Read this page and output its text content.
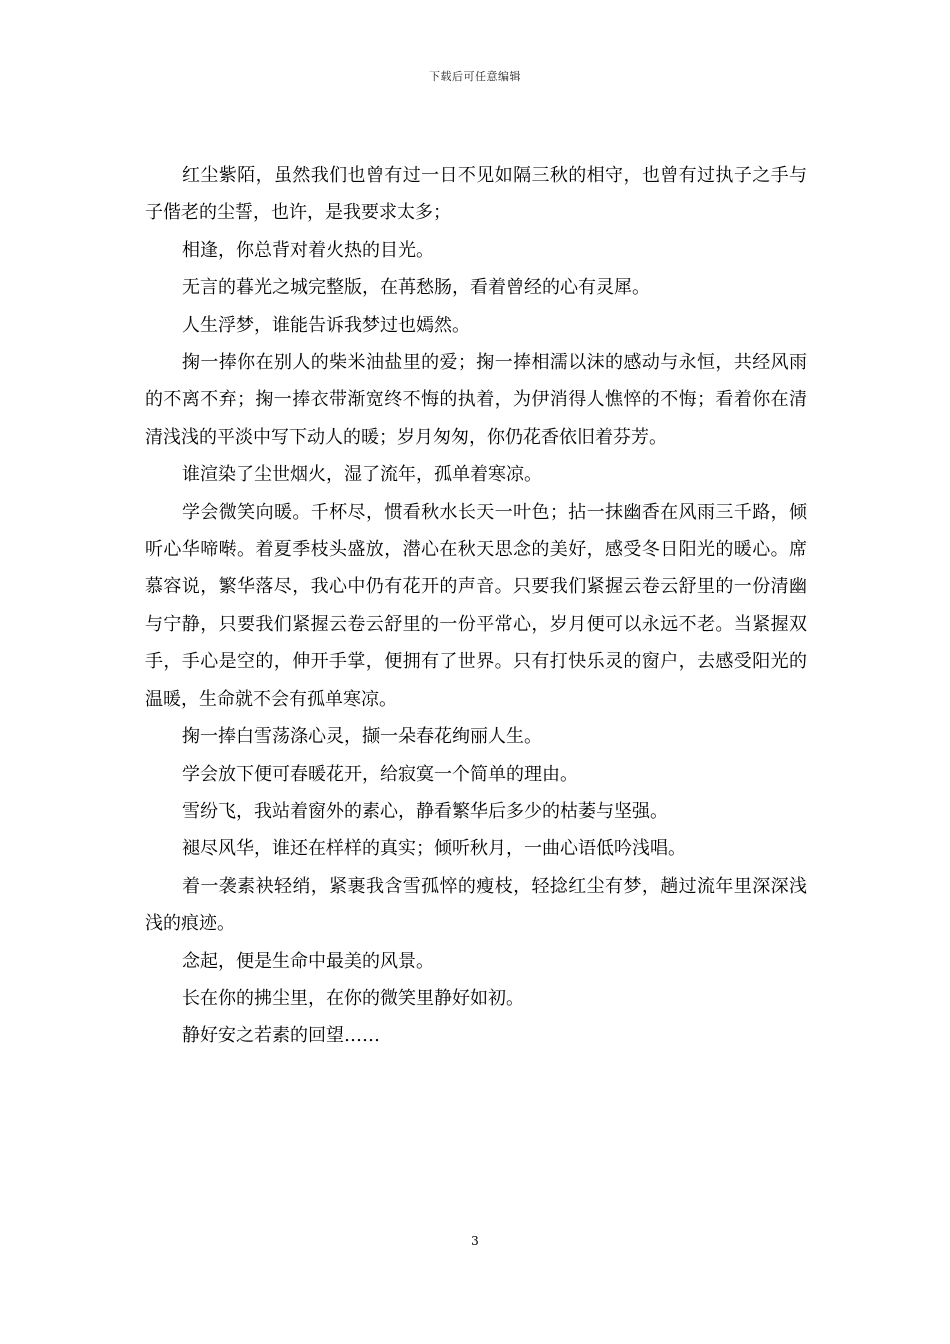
下载后可任意编辑

红尘紫陌，虽然我们也曾有过一日不见如隔三秋的相守，也曾有过执子之手与子偕老的尘誓，也许，是我要求太多；

相逢，你总背对着火热的目光。

无言的暮光之城完整版，在苒愁肠，看着曾经的心有灵犀。

人生浮梦，谁能告诉我梦过也嫣然。

掬一捧你在别人的柴米油盐里的爱；掬一捧相濡以沫的感动与永恒，共经风雨的不离不弃；掬一捧衣带渐宽终不悔的执着，为伊消得人憔悴的不悔；看着你在清清浅浅的平淡中写下动人的暖；岁月匆匆，你仍花香依旧着芬芳。

谁渲染了尘世烟火，湿了流年，孤单着寒凉。

学会微笑向暖。千杯尽，惯看秋水长天一叶色；拈一抹幽香在风雨三千路，倾听心华啼啭。着夏季枝头盛放，潜心在秋天思念的美好，感受冬日阳光的暖心。席慕容说，繁华落尽，我心中仍有花开的声音。只要我们紧握云卷云舒里的一份清幽与宁静，只要我们紧握云卷云舒里的一份平常心，岁月便可以永远不老。当紧握双手，手心是空的，伸开手掌，便拥有了世界。只有打快乐灵的窗户，去感受阳光的温暖，生命就不会有孤单寒凉。

掬一捧白雪荡涤心灵，撷一朵春花绚丽人生。

学会放下便可春暖花开，给寂寞一个简单的理由。

雪纷飞，我站着窗外的素心，静看繁华后多少的枯萎与坚强。

褪尽风华，谁还在样样的真实；倾听秋月，一曲心语低吟浅唱。

着一袭素袂轻绡，紧裹我含雪孤悴的瘦枝，轻捻红尘有梦，趟过流年里深深浅浅的痕迹。

念起，便是生命中最美的风景。

长在你的拂尘里，在你的微笑里静好如初。

静好安之若素的回望……

3
